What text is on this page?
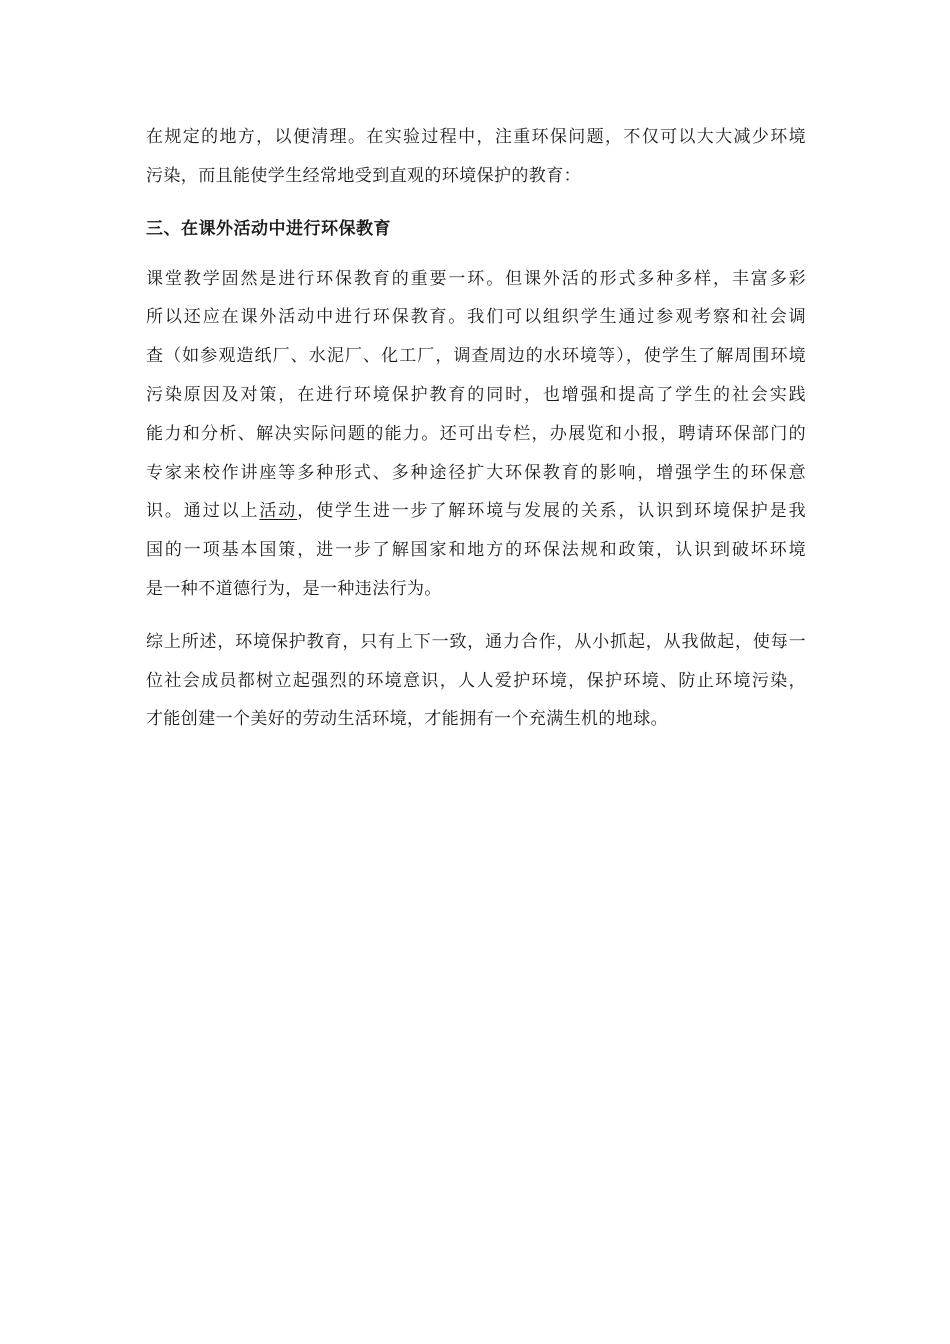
在规定的地方，以便清理。在实验过程中，注重环保问题，不仅可以大大减少环境
污染，而且能使学生经常地受到直观的环境保护的教育：

三、在课外活动中进行环保教育

课堂教学固然是进行环保教育的重要一环。但课外活的形式多种多样，丰富多彩
所以还应在课外活动中进行环保教育。我们可以组织学生通过参观考察和社会调
查（如参观造纸厂、水泥厂、化工厂，调查周边的水环境等），使学生了解周围环境
污染原因及对策，在进行环境保护教育的同时，也增强和提高了学生的社会实践
能力和分析、解决实际问题的能力。还可出专栏，办展览和小报，聘请环保部门的
专家来校作讲座等多种形式、多种途径扩大环保教育的影响，增强学生的环保意
识。通过以上活动，使学生进一步了解环境与发展的关系，认识到环境保护是我
国的一项基本国策，进一步了解国家和地方的环保法规和政策，认识到破坏环境
是一种不道德行为，是一种违法行为。

综上所述，环境保护教育，只有上下一致，通力合作，从小抓起，从我做起，使每一
位社会成员都树立起强烈的环境意识，人人爱护环境，保护环境、防止环境污染，
才能创建一个美好的劳动生活环境，才能拥有一个充满生机的地球。
